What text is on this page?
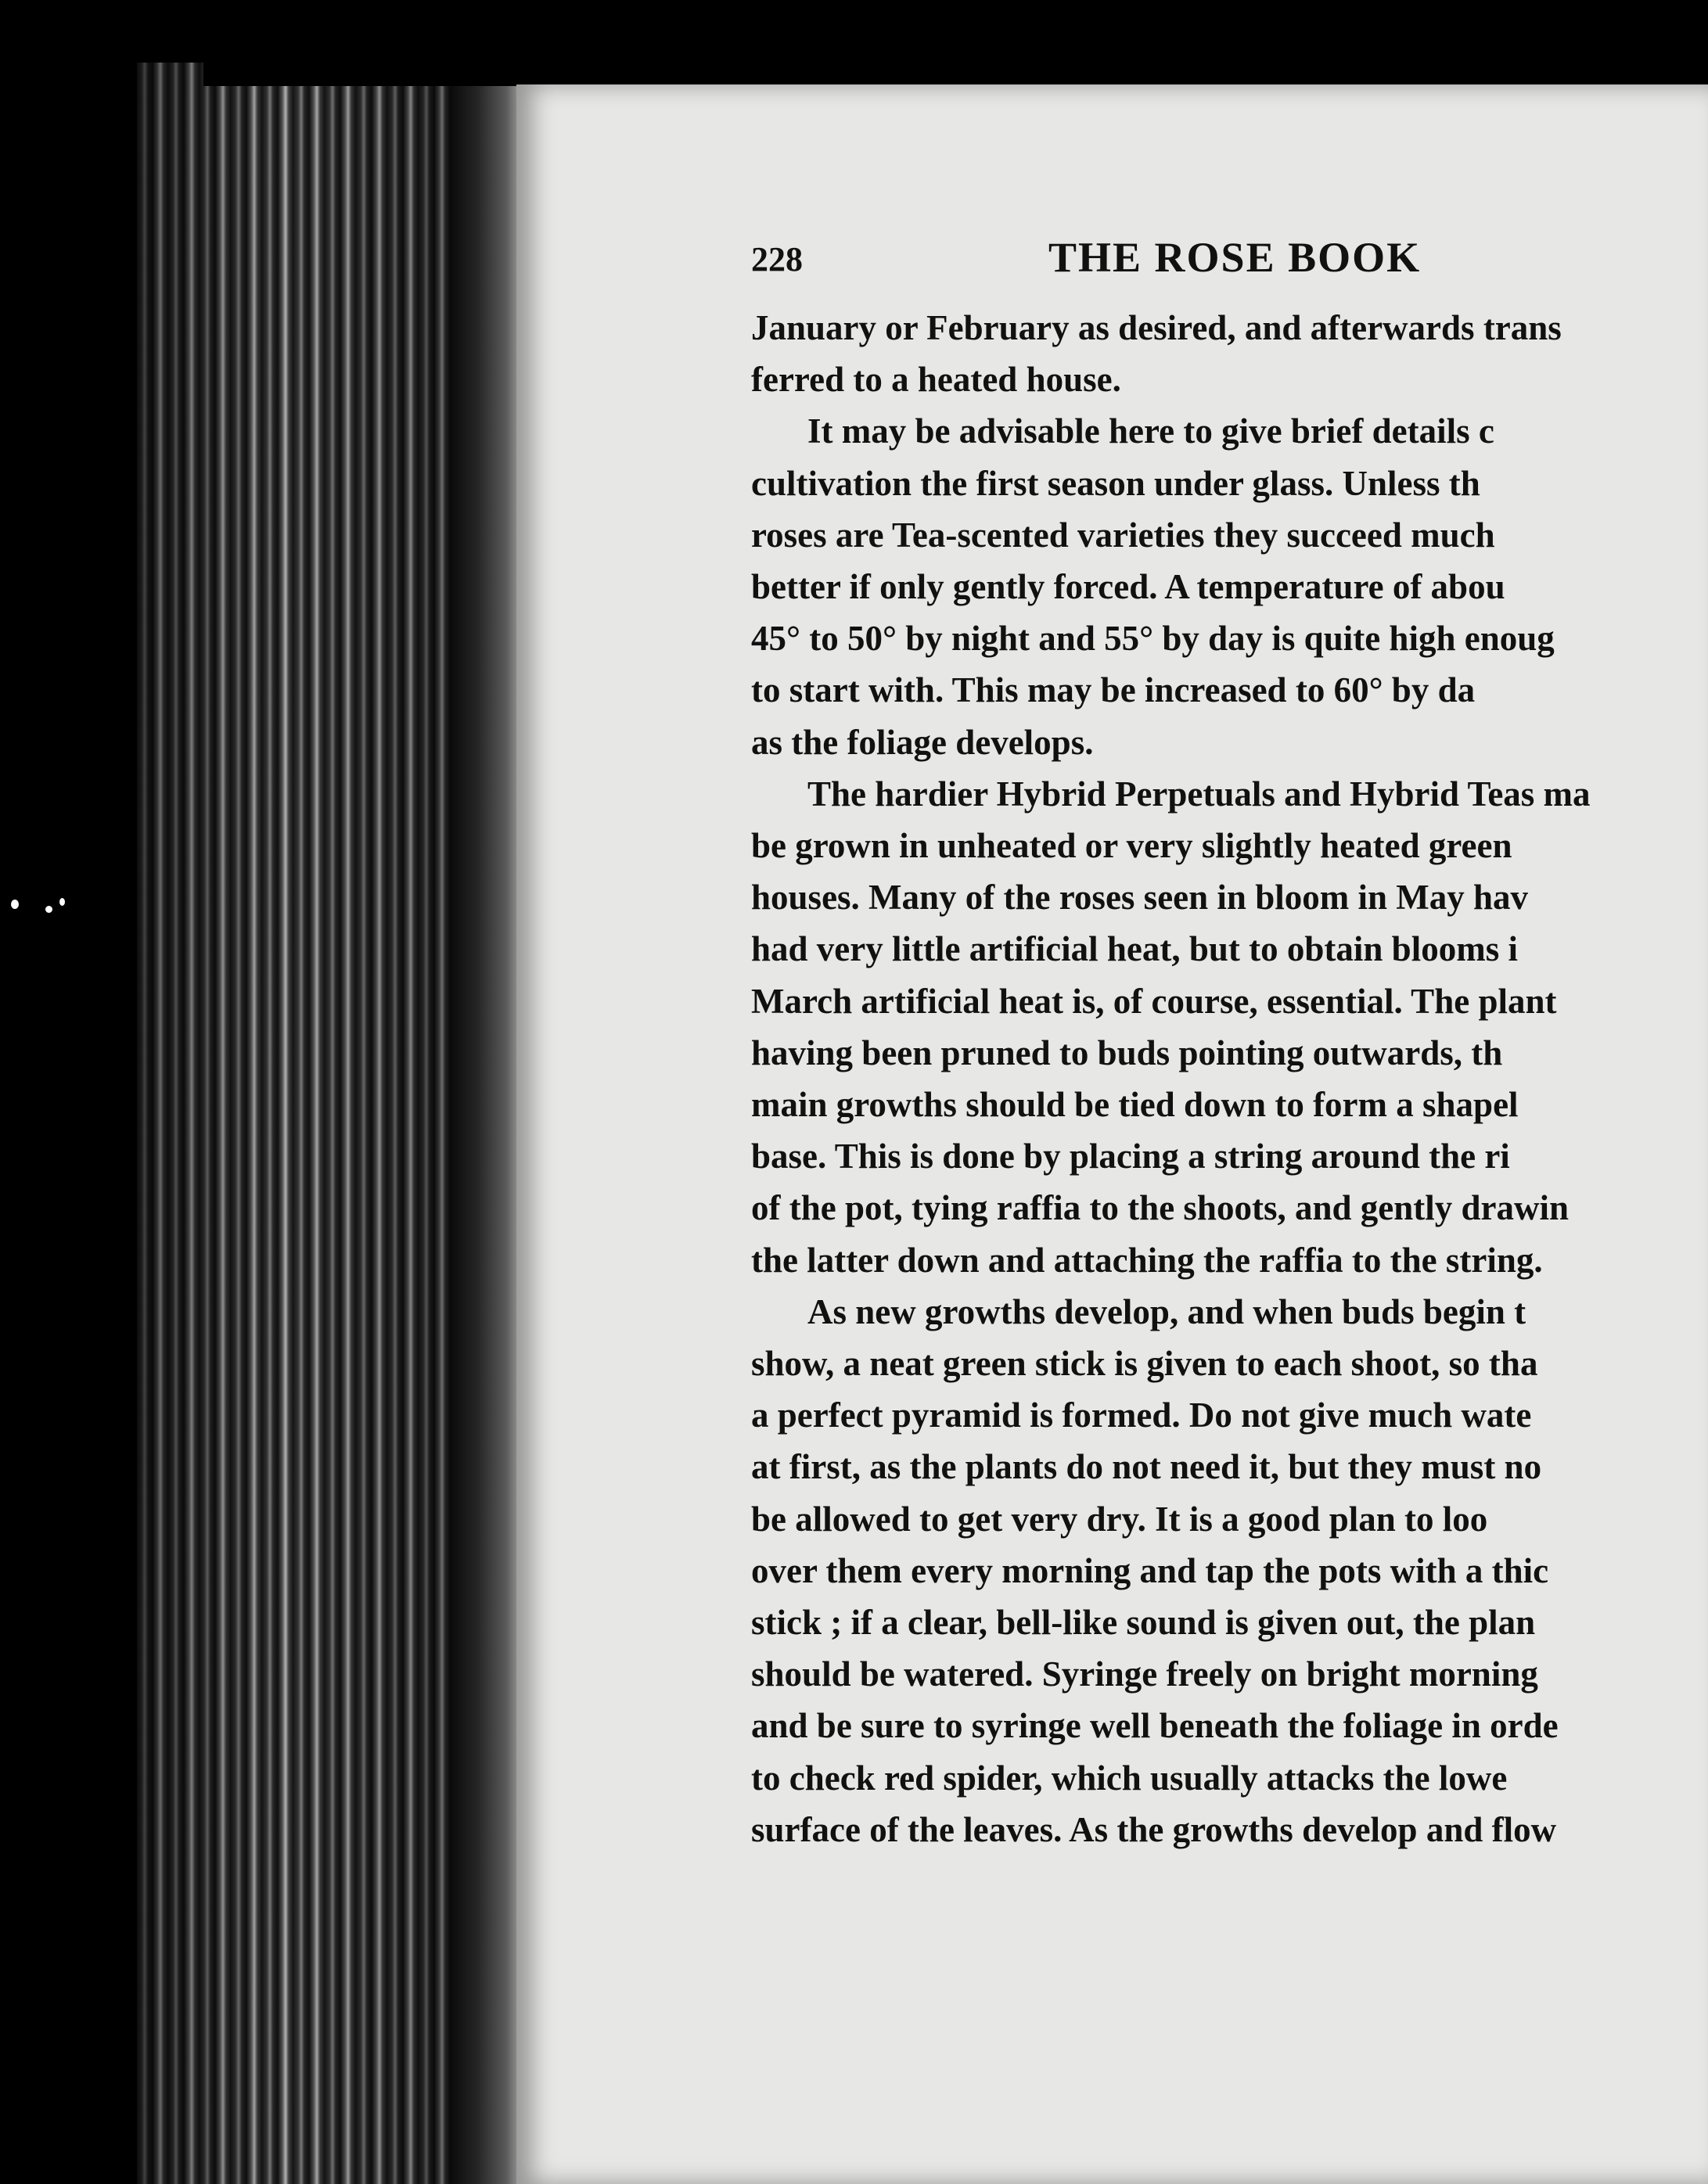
228	THE ROSE BOOK

January or February as desired, and afterwards trans
ferred to a heated house.

It may be advisable here to give brief details c
cultivation the first season under glass. Unless th
roses are Tea-scented varieties they succeed much
better if only gently forced. A temperature of abou
45° to 50° by night and 55° by day is quite high enoug
to start with. This may be increased to 60° by da
as the foliage develops.

The hardier Hybrid Perpetuals and Hybrid Teas ma
be grown in unheated or very slightly heated green
houses. Many of the roses seen in bloom in May hav
had very little artificial heat, but to obtain blooms i
March artificial heat is, of course, essential. The plant
having been pruned to buds pointing outwards, th
main growths should be tied down to form a shapel
base. This is done by placing a string around the ri
of the pot, tying raffia to the shoots, and gently drawin
the latter down and attaching the raffia to the string.

As new growths develop, and when buds begin t
show, a neat green stick is given to each shoot, so tha
a perfect pyramid is formed. Do not give much wate
at first, as the plants do not need it, but they must no
be allowed to get very dry. It is a good plan to loo
over them every morning and tap the pots with a thic
stick ; if a clear, bell-like sound is given out, the plan
should be watered. Syringe freely on bright morning
and be sure to syringe well beneath the foliage in orde
to check red spider, which usually attacks the lowe
surface of the leaves. As the growths develop and flow
